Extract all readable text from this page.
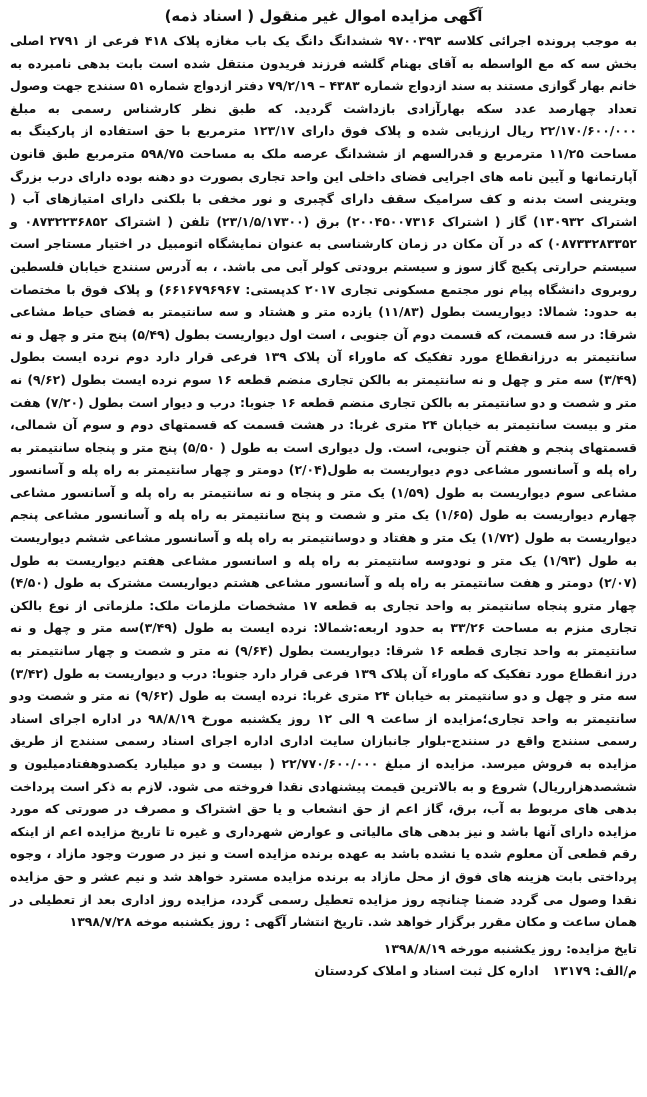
آگهی مزایده اموال غیر منقول ( اسناد ذمه)

به موجب پرونده اجرائی کلاسه ۹۷۰۰۳۹۳ ششدانگ دانگ یک باب مغازه پلاک ۴۱۸ فرعی از ۲۷۹۱ اصلی بخش سه که مع الواسطه به آقای بهنام گلشه فرزند فریدون منتقل شده است بابت بدهی نامبرده به خانم بهار گوازی مستند به سند ازدواج شماره ۴۳۸۳ – ۷۹/۲/۱۹ دفتر ازدواج شماره ۵۱ سنندج جهت وصول تعداد چهارصد عدد سکه بهارآزادی بازداشت گردید. که طبق نظر کارشناس رسمی به مبلغ ۲۲/۱۷۰/۶۰۰/۰۰۰ ریال ارزیابی شده و پلاک فوق دارای ۱۲۳/۱۷ مترمربع با حق استفاده از پارکینگ به مساحت ۱۱/۲۵ مترمربع و قدرالسهم از ششدانگ عرصه ملک به مساحت ۵۹۸/۷۵ مترمربع طبق قانون آپارتمانها و آیین نامه های اجرایی فضای داخلی این واحد تجاری بصورت دو دهنه بوده دارای درب بزرگ ویترینی است بدنه و کف سرامیک سقف دارای گچبری و نور مخفی با بلکنی دارای امتیازهای آب ( اشتراک ۱۳۰۹۳۲) گاز ( اشتراک ۲۰۰۴۵۰۰۷۳۱۶) برق (۲۳/۱/۵/۱۷۳۰۰) تلفن ( اشتراک ۰۸۷۳۲۲۳۶۸۵۲ و ۰۸۷۳۳۲۸۳۳۵۲) که در آن مکان در زمان کارشناسی به عنوان نمایشگاه اتومبیل در اختیار مستاجر است سیستم حرارتی پکیج گاز سوز و سیستم برودتی کولر آبی می باشد. ، به آدرس سنندج خیابان فلسطین روبروی دانشگاه پیام نور مجتمع مسکونی تجاری ۲۰۱۷ کدپستی: ۶۶۱۶۷۹۶۹۶۷) و پلاک فوق با مختصات به حدود: شمالا: دیواریست بطول (۱۱/۸۳) یازده متر و هشتاد و سه سانتیمتر به فضای حیاط مشاعی شرقا: در سه قسمت، که قسمت دوم آن جنوبی ، است اول دیواریست بطول (۵/۴۹) پنج متر و چهل و نه سانتیمتر به درزانقطاع مورد تفکیک که ماوراء آن پلاک ۱۳۹ فرعی قرار دارد دوم نرده ایست بطول (۳/۴۹) سه متر و چهل و نه سانتیمتر به بالکن تجاری منضم قطعه ۱۶ سوم نرده ایست بطول (۹/۶۲) نه متر و شصت و دو سانتیمتر به بالکن تجاری منضم قطعه ۱۶ جنوبا: درب و دیوار است بطول (۷/۲۰) هفت متر و بیست سانتیمتر به خیابان ۲۴ متری غربا: در هشت قسمت که قسمتهای دوم و سوم آن شمالی، قسمتهای پنجم و هفتم آن جنوبی، است. ول دیواری است به طول ( ۵/۵۰) پنج متر و پنجاه سانتیمتر به راه پله و آسانسور مشاعی دوم دیواریست به طول(۲/۰۴) دومتر و چهار سانتیمتر به راه پله و آسانسور مشاعی سوم دیواریست به طول (۱/۵۹) یک متر و پنجاه و نه سانتیمتر به راه پله و آسانسور مشاعی چهارم دیواریست به طول (۱/۶۵) یک متر و شصت و پنج سانتیمتر به راه پله و آسانسور مشاعی پنجم دیواریست به طول (۱/۷۲) یک متر و هفتاد و دوسانتیمتر به راه پله و آسانسور مشاعی ششم دیواریست به طول (۱/۹۳) یک متر و نودوسه سانتیمتر به راه پله و اسانسور مشاعی هفتم دیواریست به طول (۲/۰۷) دومتر و هفت سانتیمتر به راه پله و آسانسور مشاعی هشتم دیواریست مشترک به طول (۴/۵۰) چهار مترو پنجاه سانتیمتر به واحد تجاری به قطعه ۱۷ مشخصات ملزمات ملک: ملزماتی از نوع بالکن تجاری منزم به مساحت ۳۳/۲۶ به حدود اربعه:شمالا: نرده ایست به طول (۳/۴۹)سه متر و چهل و نه سانتیمتر به واحد تجاری قطعه ۱۶ شرقا: دیواریست بطول (۹/۶۴) نه متر و شصت و چهار سانتیمتر به درز انقطاع مورد تفکیک که ماوراء آن پلاک ۱۳۹ فرعی قرار دارد جنوبا: درب و دیواریست به طول (۳/۴۲) سه متر و چهل و دو سانتیمتر به خیابان ۲۴ متری غربا: نرده ایست به طول (۹/۶۲) نه متر و شصت ودو سانتیمتر به واحد تجاری؛مزایده از ساعت ۹ الی ۱۲ روز یکشنبه مورخ ۹۸/۸/۱۹ در اداره اجرای اسناد رسمی سنندج واقع در سنندج-بلوار جانبازان سایت اداری اداره اجرای اسناد رسمی سنندج از طریق مزایده به فروش میرسد. مزایده از مبلغ ۲۲/۷۷۰/۶۰۰/۰۰۰ ( بیست و دو میلیارد یکصدوهفتادمیلیون و ششصدهزارریال) شروع و به بالاترین قیمت پیشنهادی نقدا فروخته می شود. لازم به ذکر است پرداخت بدهی های مربوط به آب، برق، گاز اعم از حق انشعاب و یا حق اشتراک و مصرف در صورتی که مورد مزایده دارای آنها باشد و نیز بدهی های مالیاتی و عوارض شهرداری و غیره تا تاریخ مزایده اعم از اینکه رقم قطعی آن معلوم شده یا نشده باشد به عهده برنده مزایده است و نیز در صورت وجود مازاد ، وجوه پرداختی بابت هزینه های فوق از محل مازاد به برنده مزایده مسترد خواهد شد و نیم عشر و حق مزایده نقدا وصول می گردد ضمنا چنانچه روز مزایده تعطیل رسمی گردد، مزایده روز اداری بعد از تعطیلی در همان ساعت و مکان مقرر برگزار خواهد شد. تاریخ انتشار آگهی : روز یکشنبه موخه ۱۳۹۸/۷/۲۸

تایخ مزایده: روز یکشنبه مورخه ۱۳۹۸/۸/۱۹
م/الف: ۱۳۱۷۹اداره کل ثبت اسناد و املاک کردستان
